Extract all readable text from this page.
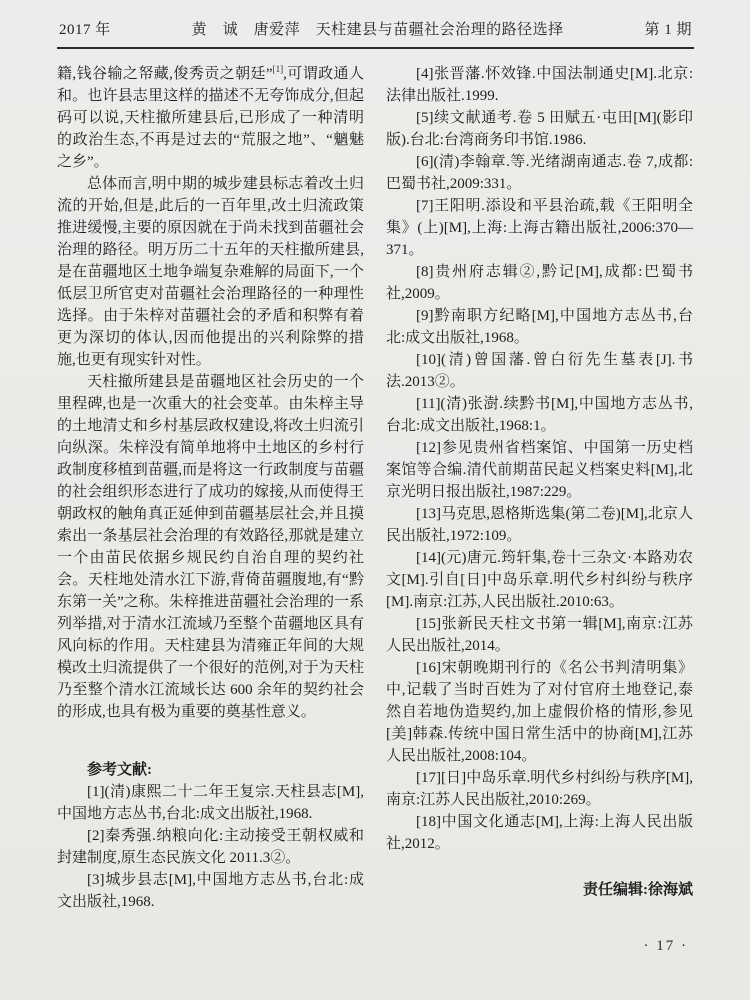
2017 年	黄　诚　唐爱萍　天柱建县与苗疆社会治理的路径选择	第 1 期

籍,钱谷输之帑藏,俊秀贡之朝廷”[1],可谓政通人和。也许县志里这样的描述不无夸饰成分,但起码可以说,天柱撤所建县后,已形成了一种清明的政治生态,不再是过去的“荒服之地”、“魑魅之乡”。

总体而言,明中期的城步建县标志着改土归流的开始,但是,此后的一百年里,改土归流政策推进缓慢,主要的原因就在于尚未找到苗疆社会治理的路径。明万历二十五年的天柱撤所建县,是在苗疆地区土地争端复杂难解的局面下,一个低层卫所官吏对苗疆社会治理路径的一种理性选择。由于朱梓对苗疆社会的矛盾和积弊有着更为深切的体认,因而他提出的兴利除弊的措施,也更有现实针对性。

天柱撤所建县是苗疆地区社会历史的一个里程碑,也是一次重大的社会变革。由朱梓主导的土地清丈和乡村基层政权建设,将改土归流引向纵深。朱梓没有简单地将中土地区的乡村行政制度移植到苗疆,而是将这一行政制度与苗疆的社会组织形态进行了成功的嫁接,从而使得王朝政权的触角真正延伸到苗疆基层社会,并且摸索出一条基层社会治理的有效路径,那就是建立一个由苗民依据乡规民约自治自理的契约社会。天柱地处清水江下游,背倚苗疆腹地,有“黔东第一关”之称。朱梓推进苗疆社会治理的一系列举措,对于清水江流域乃至整个苗疆地区具有风向标的作用。天柱建县为清雍正年间的大规模改土归流提供了一个很好的范例,对于为天柱乃至整个清水江流域长达 600 余年的契约社会的形成,也具有极为重要的奠基性意义。

参考文献:

[1](清)康熙二十二年王复宗.天柱县志[M],中国地方志丛书,台北:成文出版社,1968.

[2]秦秀强.纳粮向化:主动接受王朝权威和封建制度,原生态民族文化 2011.3②。

[3]城步县志[M],中国地方志丛书,台北:成文出版社,1968.

[4]张晋藩.怀效锋.中国法制通史[M].北京:法律出版社.1999.

[5]续文献通考.卷 5 田赋五·屯田[M](影印版).台北:台湾商务印书馆.1986.

[6](清)李翰章.等.光绪湖南通志.卷 7,成都:巴蜀书社,2009:331。

[7]王阳明.添设和平县治疏,载《王阳明全集》(上)[M],上海:上海古籍出版社,2006:370—371。

[8]贵州府志辑②,黔记[M],成都:巴蜀书社,2009。

[9]黔南职方纪略[M],中国地方志丛书,台北:成文出版社,1968。

[10](清)曾国藩.曾白衍先生墓表[J].书法.2013②。

[11](清)张澍.续黔书[M],中国地方志丛书,台北:成文出版社,1968:1。

[12]参见贵州省档案馆、中国第一历史档案馆等合编.清代前期苗民起义档案史料[M],北京光明日报出版社,1987:229。

[13]马克思,恩格斯选集(第二卷)[M],北京人民出版社,1972:109。

[14](元)唐元.筠轩集,卷十三杂文·本路劝农文[M].引自[日]中岛乐章.明代乡村纠纷与秩序[M].南京:江苏,人民出版社.2010:63。

[15]张新民天柱文书第一辑[M],南京:江苏人民出版社,2014。

[16]宋朝晚期刊行的《名公书判清明集》中,记载了当时百姓为了对付官府土地登记,泰然自若地伪造契约,加上虚假价格的情形,参见[美]韩森.传统中国日常生活中的协商[M],江苏人民出版社,2008:104。

[17][日]中岛乐章.明代乡村纠纷与秩序[M],南京:江苏人民出版社,2010:269。

[18]中国文化通志[M],上海:上海人民出版社,2012。

责任编辑:徐海斌

· 17 ·
